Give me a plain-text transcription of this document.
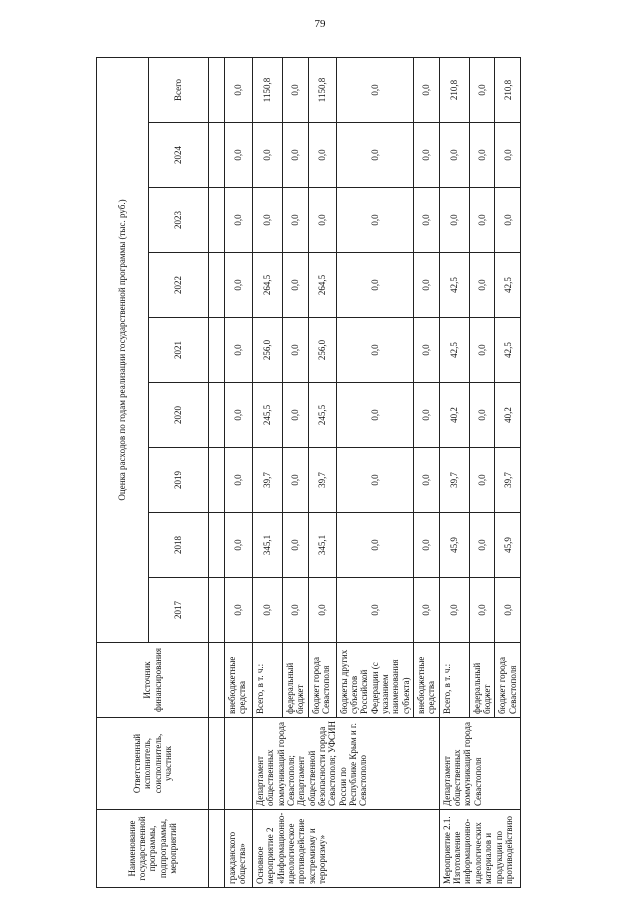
79
Наименование государственной программы, подпрограммы, мероприятий	Ответственный исполнитель, соисполнитель, участник	Источник финансирования	Оценка расходов по годам реализации государственной программы (тыс. руб.)								
			2017	2018	2019	2020	2021	2022	2023	2024	Всего

гражданского общества»		внебюджетные средства	0,0	0,0	0,0	0,0	0,0	0,0	0,0	0,0	0,0
Основное мероприятие 2 «Информационно-идеологическое противодействие экстремизму и терроризму»	Департамент общественных коммуникаций города Севастополя; Департамент общественной безопасности города Севастополя; УФСИН России по Республике Крым и г. Севастополю	Всего, в т. ч.:	0,0	345,1	39,7	245,5	256,0	264,5	0,0	0,0	1150,8
		федеральный бюджет	0,0	0,0	0,0	0,0	0,0	0,0	0,0	0,0	0,0
		бюджет города Севастополя	0,0	345,1	39,7	245,5	256,0	264,5	0,0	0,0	1150,8
		бюджеты других субъектов Российской Федерации (с указанием наименования субъекта)	0,0	0,0	0,0	0,0	0,0	0,0	0,0	0,0	0,0
		внебюджетные средства	0,0	0,0	0,0	0,0	0,0	0,0	0,0	0,0	0,0
Мероприятие 2.1. Изготовление информационно-идеологических материалов и продукции по противодействию	Департамент общественных коммуникаций города Севастополя	Всего, в т. ч.:	0,0	45,9	39,7	40,2	42,5	42,5	0,0	0,0	210,8
		федеральный бюджет	0,0	0,0	0,0	0,0	0,0	0,0	0,0	0,0	0,0
		бюджет города Севастополя	0,0	45,9	39,7	40,2	42,5	42,5	0,0	0,0	210,8
